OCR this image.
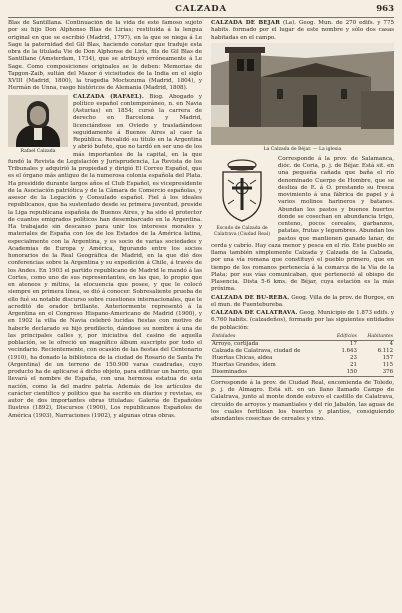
CALZADA	963

Blas de Santillana. Continuación de la vida de este famoso sujeto por su hijo Don Alphonso Blas de Lirias; restituida á la lengua original en que se escribió (Madrid, 1797), en la que se niega á Le Sage la paternidad del Gil Blas, haciendo constar que traduje esta obra de la titulada Vie de Don Alphonse de Liris, fils de Gil Blas de Santillane (Amsterdam, 1734), que se atribuyó erróneamente á Le Sage. Como composiciones originales se le deben: Memorias de Tapgon-Zaib, sultán del Mazor ó vicisitudes de la India en el siglo XVIII (Madrid, 1800), la tragedia Moctezuma (Madrid, 1804), y Hermán de Unna, rasgo históricos de Alemania (Madrid, 1808).

Rafael Calzada

CALZADA (RAFAEL). Biog. Abogado y político español contemporáneo, n. en Navia (Asturias) en 1854; cursó la carrera de derecho en Barcelona y Madrid, licenciándose en Oviedo y trasladándose seguidamente á Buenos Aires al caer la República. Revalidó su título en la Argentina y abrió bufete, que no tardó en ser uno de los más importantes de la capital, en la que fundó la Revista de Legislación y Jurisprudencia, La Revista de los Tribunales y adquirió la propiedad y dirigió El Correo Español, que es el órgano más antiguo de la numerosa colonia española del Plata. Ha presidido durante largos años el Club Español, es vicepresidente de la Asociación patriótica y de la Cámara de Comercio españolas, y asesor de la Legación y Consulado español. Fiel á los ideales republicanos, que ha sustentado desde su primera juventud, preside la Liga republicana española de Buenos Aires, y ha sido el protector de cuantos emigrados políticos han desembarcado en la Argentina. Ha trabajado sin descanso para unir los intereses morales y materiales de España con los de los Estados de la América latina, especialmente con la Argentina, y es socio de varias sociedades y Academias de Europa y América, figurando entre los socios honorarios de la Real Geográfica de Madrid, en la que dió dos conferencias sobre la Argentina y su expedición á Chile, á través de los Andes. En 1903 el partido republicano de Madrid le mandó á las Cortes, como uno de sus representantes, en las que, lo propio que en ateneos y mítins, la elocuencia que posee, y que le colocó siempre en primera línea, se dió á conocer. Sobresaliente prueba de ello fué su notable discurso sobre cuestiones internacionales, que le acreditó de orador brillante. Anteriormente representó á la Argentina en el Congreso Hispano-Americano de Madrid (1900), y en 1902 la villa de Navia celebró lucidas fiestas con motivo de haberle declarado su hijo predilecto, dándose su nombre á una de las principales calles y, por iniciativa del casino de aquella población, se le ofreció un magnífico álbum suscripto por todo el vecindario. Recientemente, con ocasión de las fiestas del Centenario (1910), ha donado la biblioteca de la ciudad de Rosario de Santa Fe (Argentina) de un terreno de 150.900 varas cuadradas, cuyo producto ha de aplicarse á dicho objeto, para edificar un barrio, que llevará el nombre de España, con una hermosa estatua de esta nación, como la del madre patria. Además de los artículos de carácter científico y político que ha escrito en diarios y revistas, es autor de dos importantes obras tituladas: Galería de Españoles Ilustres (1892), Discursos (1900), Los republicanos Españoles de América (1903), Narraciones (1902), y algunas otras obras.

CALZADA DE BÉJAR (La). Geog. Mun. de 270 edifs. y 775 habits. formado por el lugar de este nombre y sólo dos casas habitadas en el campo.

La Calzada de Béjar. — La iglesia
Escudo de Calzada de Calatrava (Ciudad Real)

Corresponde á la prov. de Salamanca, dióc. de Coria, p. j. de Béjar. Está sit. en una pequeña cañada que baña el río denominado Cuerpo de Hombre, que se desliza de E. á O. prestando su fresca movimiento á una fábrica de papel y á varios molinos harineros y batanes. Abundan los pastos y buenos huertos donde se cosechan en abundancia trigo, centeno, pocos cereales, garbanzos, patatas, frutas y legumbres. Abundan los pastos que mantienen ganado lanar, de cerda y cabrío. Hay caza menor y pesca en el río. Este pueblo se llama también simplemente Calzada y Calzada de la Calzada, por una vía romana que constituyó el pueblo primero, que en tiempo de los romanos pertenecía á la comarca de la Vía de la Plata; por sus vías comunicaban, que perteneció al obispo de Plasencia. Dista 5-6 kms. de Béjar, cuya estación es la más próxima.

CALZADA DE BU-REBA. Geog. Villa de la prov. de Burgos, en el mun. de Fuentebureba.

CALZADA DE CALATRAVA. Geog. Municipio de 1.873 edifs. y 6.760 habits. (calzadeños), formado por las siguientes entidades de población:

Entidades	Edificios	Habitantes
Arroyo, cortijada	17	4
Calzada de Calatrava, ciudad de	1.643	6.112
Huertas Chicas, aldea	23	157
Huertas Grandes, ídem	21	115
Diseminados	150	376

Corresponde á la prov. de Ciudad Real, encomienda de Toledo, p. j. de Almagro. Está sit. en un llano llamado Campo de Calatrava, junto al monte donde estuvo el castillo de Calatrava, circuído de arroyos y manantiales y del río Jabalón, las aguas de los cuales fertilizan los huertos y plantíos, consiguiendo abundantes cosechas de cereales y vino.
